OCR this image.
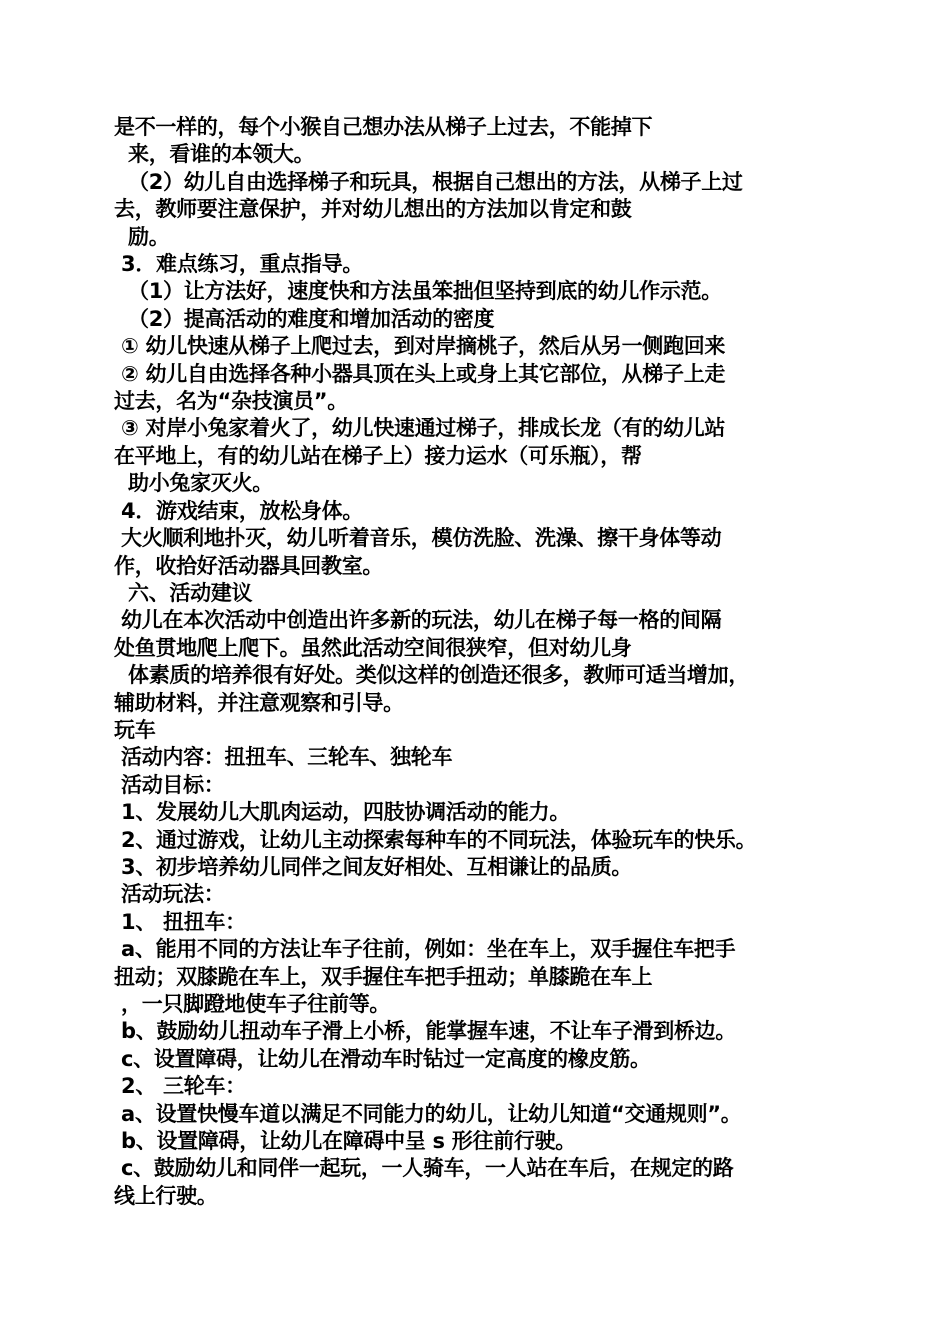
是不一样的，每个小猴自己想办法从梯子上过去，不能掉下
来，看谁的本领大。
（2）幼儿自由选择梯子和玩具，根据自己想出的方法，从梯子上过
去，教师要注意保护，并对幼儿想出的方法加以肯定和鼓
励。
3．难点练习，重点指导。
（1）让方法好，速度快和方法虽笨拙但坚持到底的幼儿作示范。
（2）提高活动的难度和增加活动的密度
① 幼儿快速从梯子上爬过去，到对岸摘桃子，然后从另一侧跑回来
② 幼儿自由选择各种小器具顶在头上或身上其它部位，从梯子上走
过去，名为“杂技演员”。
③ 对岸小兔家着火了，幼儿快速通过梯子，排成长龙（有的幼儿站
在平地上，有的幼儿站在梯子上）接力运水（可乐瓶），帮
助小兔家灭火。
4．游戏结束，放松身体。
大火顺利地扑灭，幼儿听着音乐，模仿洗脸、洗澡、擦干身体等动
作，收拾好活动器具回教室。
六、活动建议
幼儿在本次活动中创造出许多新的玩法，幼儿在梯子每一格的间隔
处鱼贯地爬上爬下。虽然此活动空间很狭窄，但对幼儿身
体素质的培养很有好处。类似这样的创造还很多，教师可适当增加，
辅助材料，并注意观察和引导。
玩车
活动内容：扭扭车、三轮车、独轮车
活动目标：
1、发展幼儿大肌肉运动，四肢协调活动的能力。
2、通过游戏，让幼儿主动探索每种车的不同玩法，体验玩车的快乐。
3、初步培养幼儿同伴之间友好相处、互相谦让的品质。
活动玩法：
1、 扭扭车：
a、能用不同的方法让车子往前，例如：坐在车上，双手握住车把手
扭动；双膝跪在车上，双手握住车把手扭动；单膝跪在车上
，一只脚蹬地使车子往前等。
b、鼓励幼儿扭动车子滑上小桥，能掌握车速，不让车子滑到桥边。
c、设置障碍，让幼儿在滑动车时钻过一定高度的橡皮筋。
2、 三轮车：
a、设置快慢车道以满足不同能力的幼儿，让幼儿知道“交通规则”。
b、设置障碍，让幼儿在障碍中呈 s 形往前行驶。
c、鼓励幼儿和同伴一起玩，一人骑车，一人站在车后，在规定的路
线上行驶。
